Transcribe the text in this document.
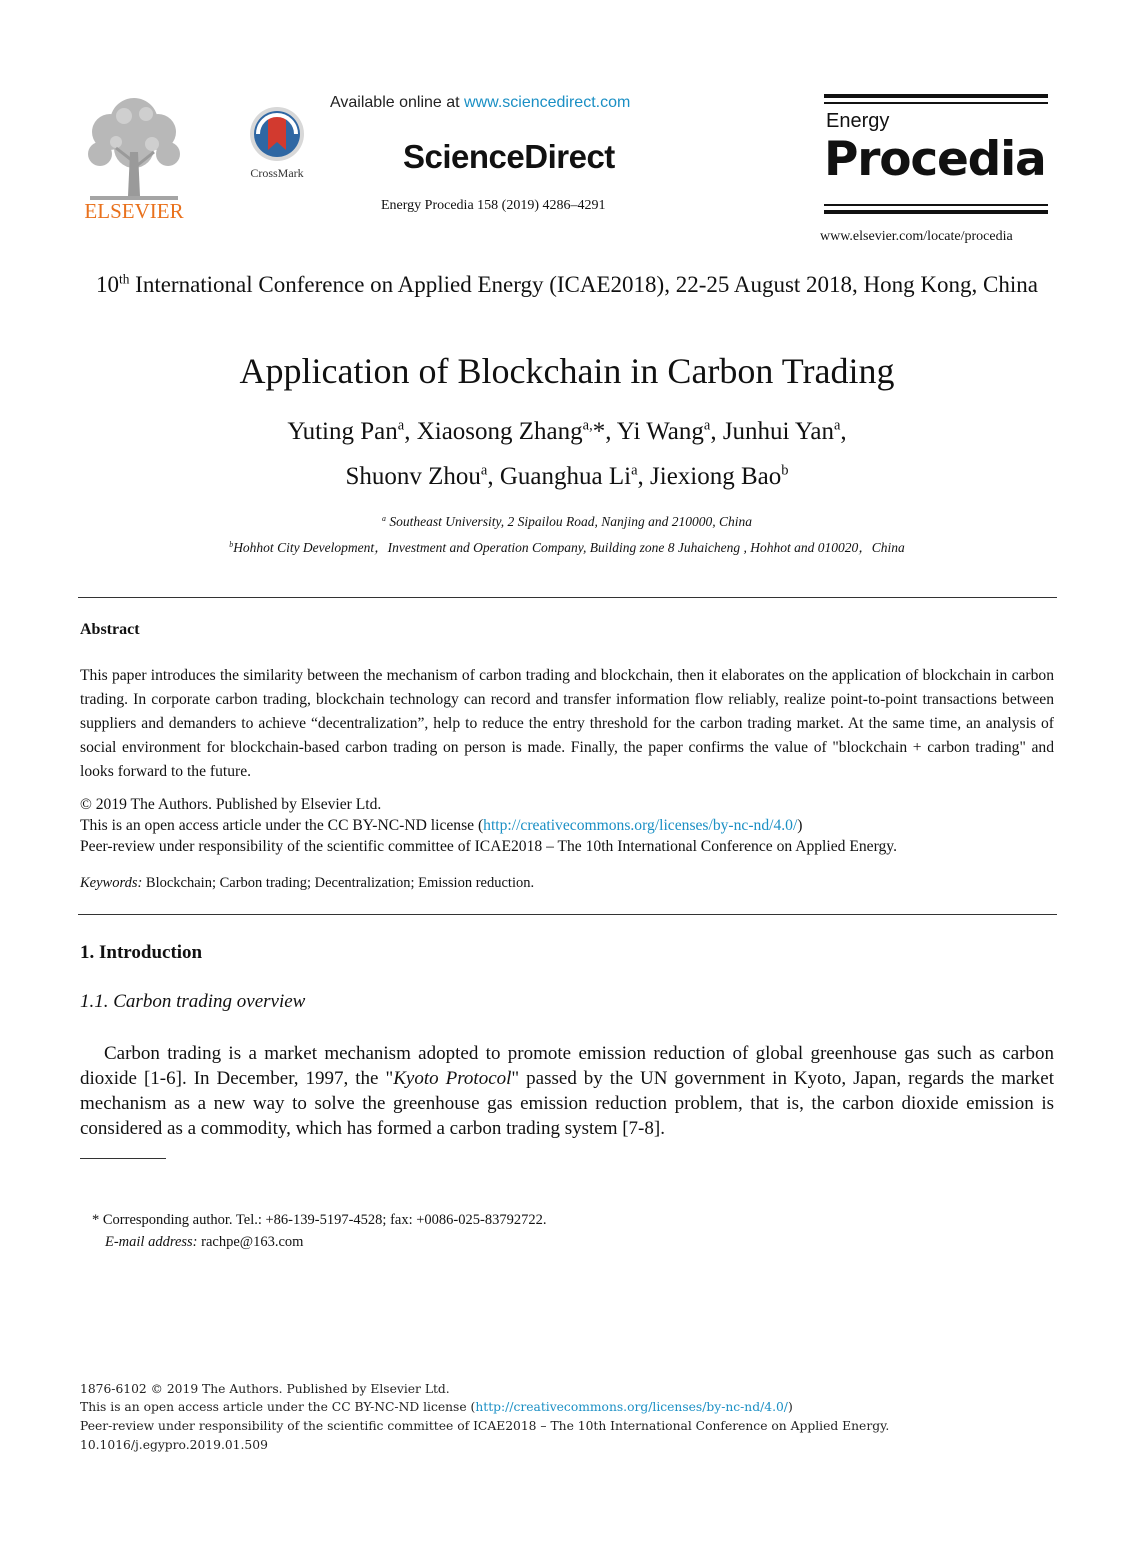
ELSEVIER
CrossMark
Available online at www.sciencedirect.com
ScienceDirect
Energy Procedia 158 (2019) 4286–4291
Energy
Procedia
www.elsevier.com/locate/procedia
10th International Conference on Applied Energy (ICAE2018), 22-25 August 2018, Hong Kong, China
Application of Blockchain in Carbon Trading
Yuting Pan$^a$, Xiaosong Zhang$^{a,}$*, Yi Wang$^a$, Junhui Yan$^a$,
Shuonv Zhou$^a$, Guanghua Li$^a$, Jiexiong Bao$^b$
$^a$ Southeast University, 2 Sipailou Road, Nanjing and 210000, China
$^b$Hohhot City Development，Investment and Operation Company, Building zone 8 Juhaicheng , Hohhot and 010020，China
Abstract
This paper introduces the similarity between the mechanism of carbon trading and blockchain, then it elaborates on the application of blockchain in carbon trading. In corporate carbon trading, blockchain technology can record and transfer information flow reliably, realize point-to-point transactions between suppliers and demanders to achieve “decentralization”, help to reduce the entry threshold for the carbon trading market. At the same time, an analysis of social environment for blockchain-based carbon trading on person is made. Finally, the paper confirms the value of "blockchain + carbon trading" and looks forward to the future.
© 2019 The Authors. Published by Elsevier Ltd.
This is an open access article under the CC BY-NC-ND license (http://creativecommons.org/licenses/by-nc-nd/4.0/)
Peer-review under responsibility of the scientific committee of ICAE2018 – The 10th International Conference on Applied Energy.
Keywords: Blockchain; Carbon trading; Decentralization; Emission reduction.
1. Introduction
1.1. Carbon trading overview
Carbon trading is a market mechanism adopted to promote emission reduction of global greenhouse gas such as carbon dioxide [1-6]. In December, 1997, the "Kyoto Protocol" passed by the UN government in Kyoto, Japan, regards the market mechanism as a new way to solve the greenhouse gas emission reduction problem, that is, the carbon dioxide emission is considered as a commodity, which has formed a carbon trading system [7-8].
* Corresponding author. Tel.: +86-139-5197-4528; fax: +0086-025-83792722.
E-mail address: rachpe@163.com
1876-6102 © 2019 The Authors. Published by Elsevier Ltd.
This is an open access article under the CC BY-NC-ND license (http://creativecommons.org/licenses/by-nc-nd/4.0/)
Peer-review under responsibility of the scientific committee of ICAE2018 – The 10th International Conference on Applied Energy.
10.1016/j.egypro.2019.01.509
